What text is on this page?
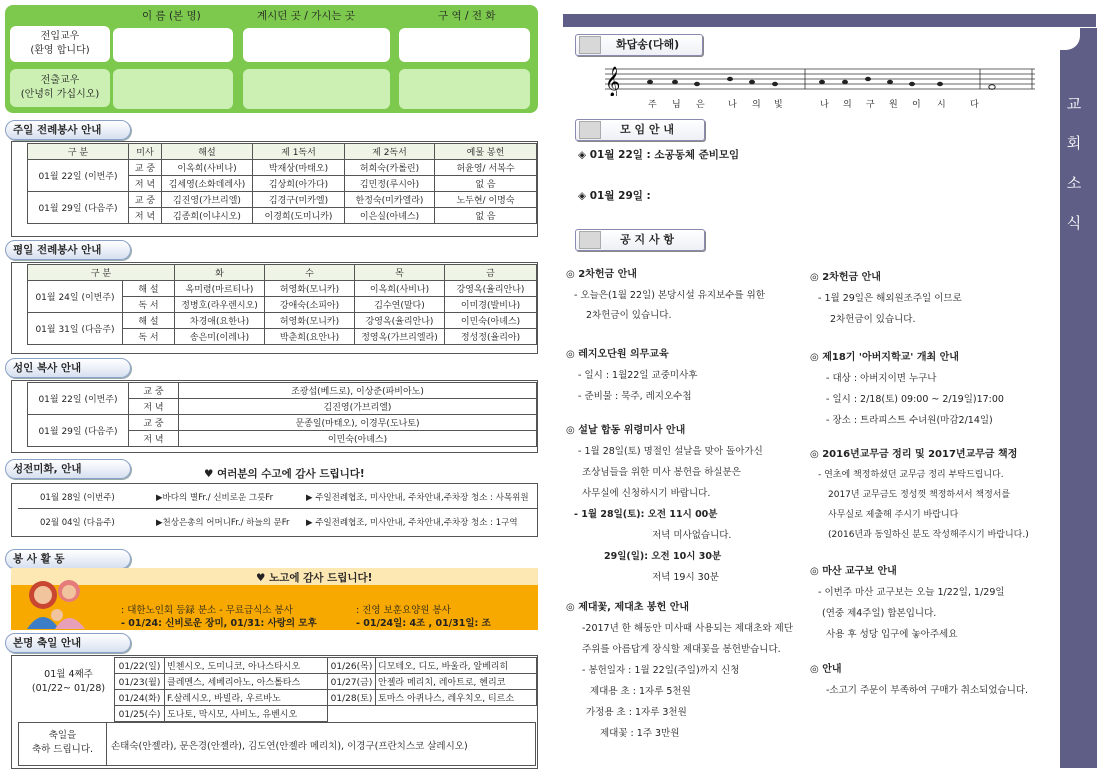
이 름 (본 명)	계시던 곳 / 가시는 곳	구 역 / 전 화
전입교우
(환영 합니다)
전출교우
(안녕히 가십시오)
주일 전례봉사 안내
구 분	미사	해설	제 1독서	제 2독서	예물 봉헌
01월 22일 (이번주)	교 중	이옥희(사비나)	박재상(마태오)	허희숙(카롤린)	허윤영/ 서복수
	저 녁	김세영(소화데레사)	김상희(아가다)	김민정(루시아)	없 음
01월 29일 (다음주)	교 중	김진영(가브리엘)	김경구(미카엘)	한정숙(미카엘라)	노두현/ 이명숙
	저 녁	김종희(이냐시오)	이경희(도미니카)	이은실(아녜스)	없 음
평일 전례봉사 안내
구 분		화	수	목	금
01월 24일 (이번주)	해 설	옥미령(마르티나)	허영화(모니카)	이옥희(사비나)	강영옥(율리안나)
	독 서	정병호(라우렌시오)	강애숙(소피아)	김수연(말다)	이미경(발비나)
01월 31일 (다음주)	해 설	차경애(요한나)	허영화(모니카)	강영옥(율리안나)	이민숙(아녜스)
	독 서	송은미(이레나)	박춘희(요안나)	정영옥(가브리엘라)	정성정(율리아)
성인 복사 안내
01월 22일 (이번주)	교 중	조광섭(베드로), 이상준(파비아노)
	저 녁	김진영(가브리엘)
01월 29일 (다음주)	교 중	문종일(마태오), 이경무(도나토)
	저 녁	이민숙(아녜스)
성전미화, 안내	♥ 여러분의 수고에 감사 드립니다!
01월 28일 (이번주)	▶바다의 별Fr./ 신비로운 그릇Fr	▶ 주일전례협조, 미사안내, 주차안내,주차장 청소 : 사목위원
02월 04일 (다음주)	▶천상은총의 어머니Fr./ 하늘의 문Fr ▶ 주일전례협조, 미사안내, 주차안내,주차장 청소 : 1구역
봉 사 활 동
♥ 노고에 감사 드립니다!
: 대한노인회 등録 분소 - 무료급식소 봉사
- 01/24: 신비로운 장미, 01/31: 사랑의 모후
: 진영 보훈요양원 봉사
- 01/24일: 4조 , 01/31일: 조
본명 축일 안내
01월 4째주
(01/22~ 01/28)
01/22(일)	빈첸시오, 도미니코, 아나스타시오	01/26(목)	디모테오, 디도, 바울라, 알베리히
01/23(월)	클레멘스, 세베리아노, 아스톨타스	01/27(금)	안젤라 메리치, 레아트로, 헨리코
01/24(화)	F.살레시오, 바빌라, 우르바노	01/28(토)	토마스 아퀴나스, 레우치오, 티르소
01/25(수)	도나토, 막시모, 사비노, 유벤시오		
축일을
축하 드립니다.	손태숙(안젤라), 문은경(안젤라), 김도연(안젤라 메리치), 이경구(프란치스코 살레시오)
교
회
소
식
화답송(다해)
𝄞
주 님 은	나 의 빛	나 의 구 원 이 시	다
모 임 안 내
◈ 01월 22일 : 소공동체 준비모임
◈ 01월 29일 :
공 지 사 항
◎ 2차헌금 안내
- 오늘은(1월 22일) 본당시설 유지보수를 위한
2차헌금이 있습니다.
◎ 레지오단원 의무교육
- 일시 : 1월22일 교중미사후
- 준비물 : 묵주, 레지오수첩
◎ 설날 합동 위령미사 안내
- 1월 28일(토) 명절인 설날을 맞아 돌아가신
조상님들을 위한 미사 봉헌을 하실분은
사무실에 신청하시기 바랍니다.
- 1월 28일(토): 오전 11시 00분
저녁 미사없습니다.
29일(일): 오전 10시 30분
저녁 19시 30분
◎ 제대꽃, 제대초 봉헌 안내
-2017년 한 해동안 미사때 사용되는 제대초와 제단
주위를 아름답게 장식할 제대꽃을 봉헌받습니다.
- 봉헌일자 : 1월 22일(주일)까지 신청
제대용 초 : 1자루 5천원
가정용 초 : 1자루 3천원
제대꽃 : 1주 3만원
◎ 2차헌금 안내
- 1월 29일은 해외원조주일 이므로
2차헌금이 있습니다.
◎ 제18기 '아버지학교' 개최 안내
- 대상 : 아버지이면 누구나
- 일시 : 2/18(토) 09:00 ~ 2/19일)17:00
- 장소 : 트라피스트 수녀원(마감2/14일)
◎ 2016년교무금 정리 및 2017년교무금 책정
- 연초에 책정하셨던 교무금 정리 부탁드립니다.
2017년 교무금도 정성껏 책정하셔서 책정서를
사무실로 제출해 주시기 바랍니다
(2016년과 동일하신 분도 작성해주시기 바랍니다.)
◎ 마산 교구보 안내
- 이번주 마산 교구보는 오늘 1/22일, 1/29일
(연중 제4주일) 합본입니다.
사용 후 성당 입구에 놓아주세요
◎ 안내
-소고기 주문이 부족하여 구매가 취소되었습니다.
